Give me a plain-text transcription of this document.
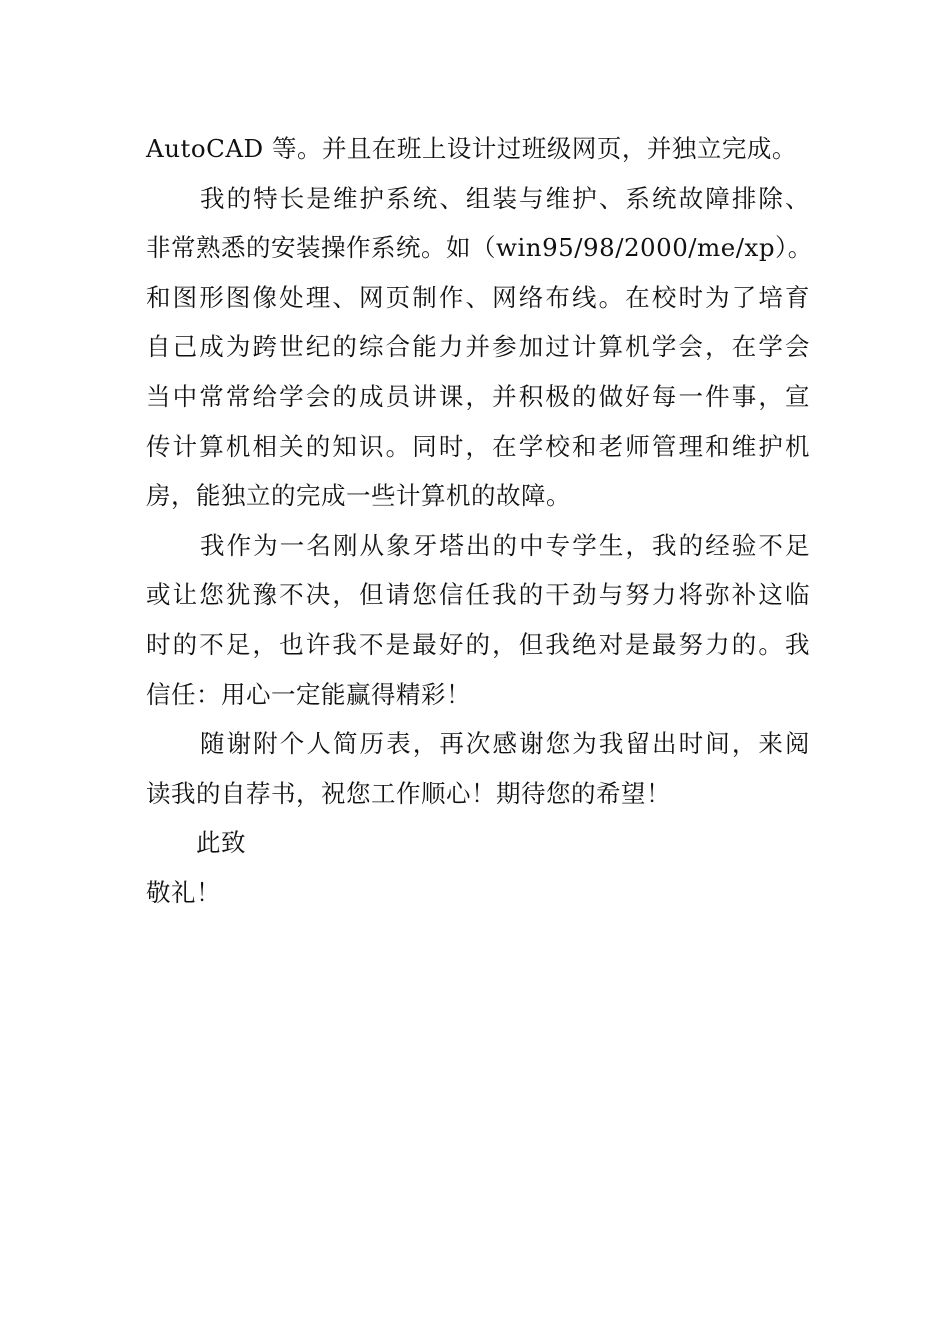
AutoCAD 等。并且在班上设计过班级网页，并独立完成。
我的特长是维护系统、组装与维护、系统故障排除、
非常熟悉的安装操作系统。如（win95/98/2000/me/xp）。
和图形图像处理、网页制作、网络布线。在校时为了培育
自己成为跨世纪的综合能力并参加过计算机学会，在学会
当中常常给学会的成员讲课，并积极的做好每一件事，宣
传计算机相关的知识。同时，在学校和老师管理和维护机
房，能独立的完成一些计算机的故障。
我作为一名刚从象牙塔出的中专学生，我的经验不足
或让您犹豫不决，但请您信任我的干劲与努力将弥补这临
时的不足，也许我不是最好的，但我绝对是最努力的。我
信任：用心一定能赢得精彩！
随谢附个人简历表，再次感谢您为我留出时间，来阅
读我的自荐书，祝您工作顺心！期待您的希望！
此致
敬礼！
